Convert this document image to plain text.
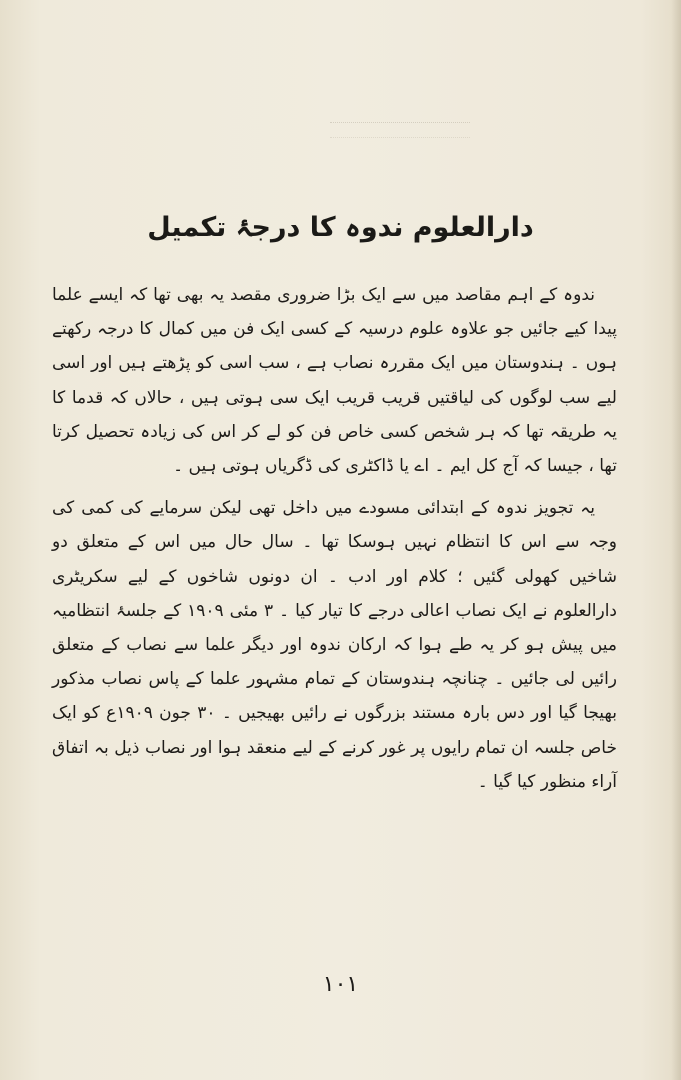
دارالعلوم ندوہ کا درجۂ تکمیل

ندوہ کے اہم مقاصد میں سے ایک بڑا ضروری مقصد یہ بھی تھا کہ ایسے علما پیدا کیے جائیں جو علاوہ علوم درسیہ کے کسی ایک فن میں کمال کا درجہ رکھتے ہوں ۔ ہندوستان میں ایک مقررہ نصاب ہے ، سب اسی کو پڑھتے ہیں اور اسی لیے سب لوگوں کی لیاقتیں قریب قریب ایک سی ہوتی ہیں ، حالاں کہ قدما کا یہ طریقہ تھا کہ ہر شخص کسی خاص فن کو لے کر اس کی زیادہ تحصیل کرتا تھا ، جیسا کہ آج کل ایم ۔ اے یا ڈاکٹری کی ڈگریاں ہوتی ہیں ۔

یہ تجویز ندوہ کے ابتدائی مسودے میں داخل تھی لیکن سرمایے کی کمی کی وجہ سے اس کا انتظام نہیں ہوسکا تھا ۔ سال حال میں اس کے متعلق دو شاخیں کھولی گئیں ؛ کلام اور ادب ۔ ان دونوں شاخوں کے لیے سکریٹری دارالعلوم نے ایک نصاب اعالی درجے کا تیار کیا ۔ ۳ مئی ۱۹۰۹ کے جلسۂ انتظامیہ میں پیش ہو کر یہ طے ہوا کہ ارکان ندوہ اور دیگر علما سے نصاب کے متعلق رائیں لی جائیں ۔ چنانچہ ہندوستان کے تمام مشہور علما کے پاس نصاب مذکور بھیجا گیا اور دس بارہ مستند بزرگوں نے رائیں بھیجیں ۔ ۳۰ جون ۱۹۰۹ع کو ایک خاص جلسہ ان تمام رایوں پر غور کرنے کے لیے منعقد ہوا اور نصاب ذیل بہ اتفاق آراء منظور کیا گیا ۔

۱۰۱
